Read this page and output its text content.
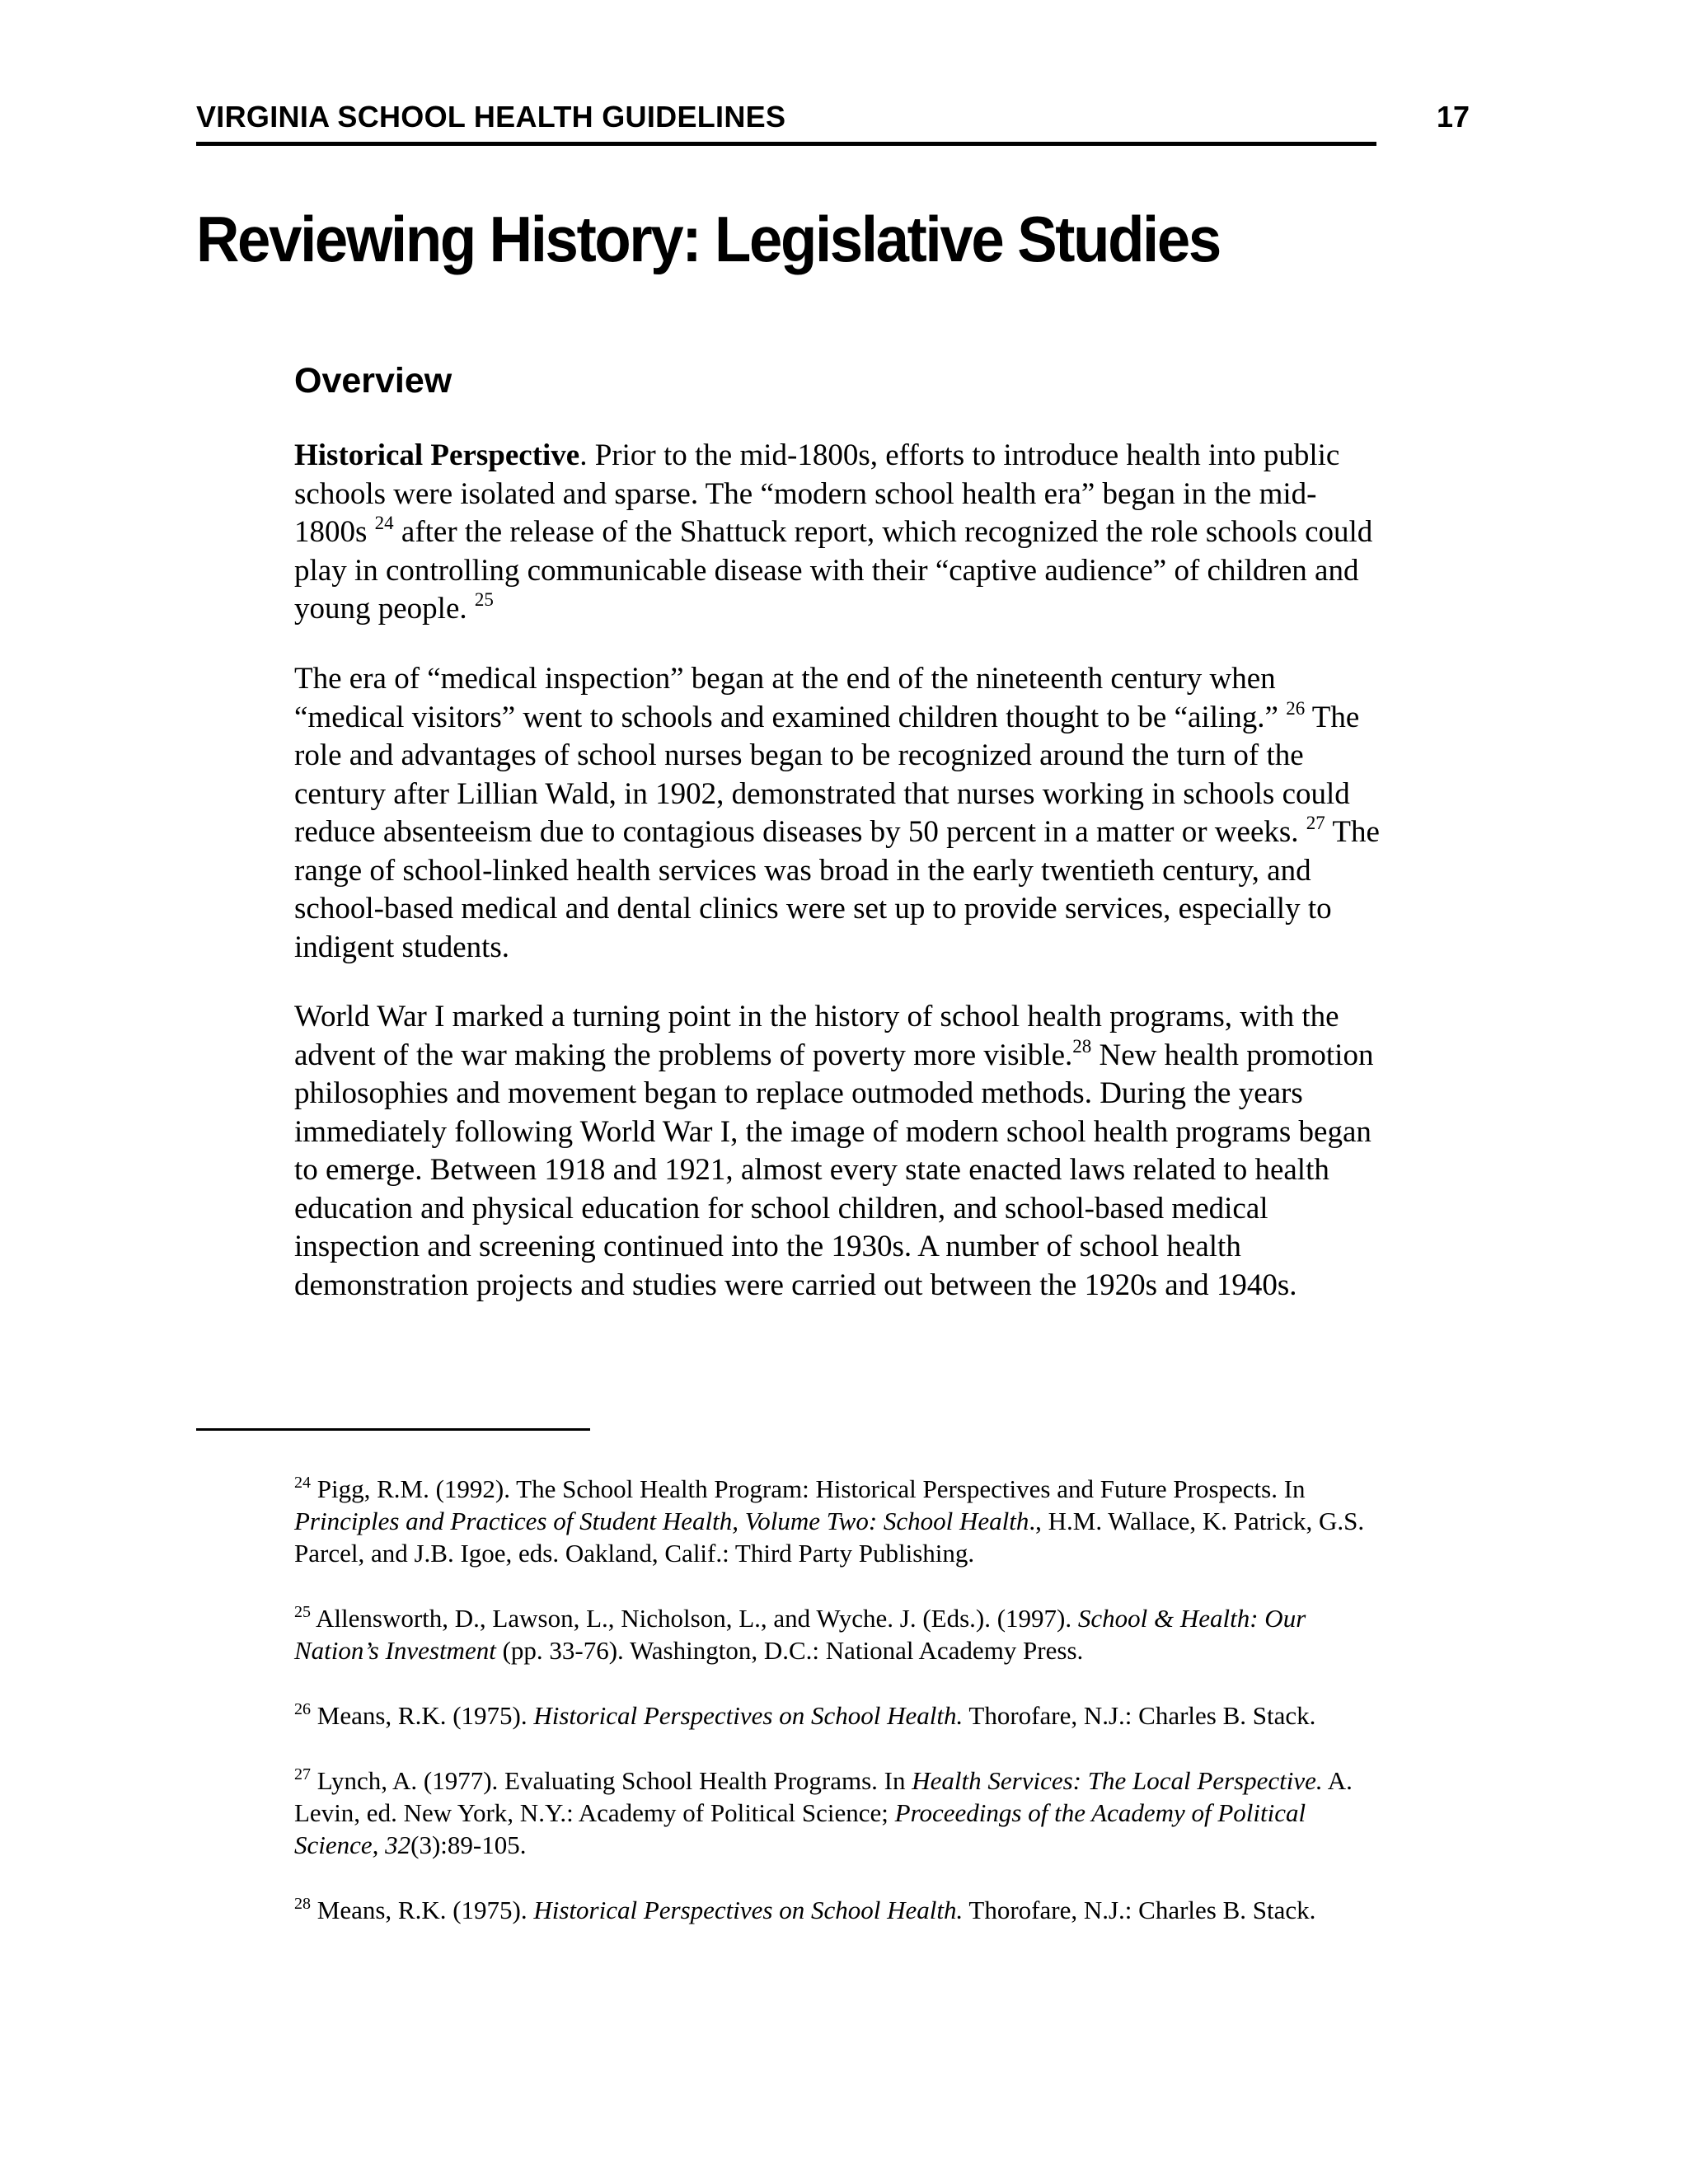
VIRGINIA SCHOOL HEALTH GUIDELINES	17
Reviewing History: Legislative Studies
Overview
Historical Perspective. Prior to the mid-1800s, efforts to introduce health into public
schools were isolated and sparse. The “modern school health era” began in the mid-
1800s $^{24}$ after the release of the Shattuck report, which recognized the role schools could
play in controlling communicable disease with their “captive audience” of children and
young people. $^{25}$
The era of “medical inspection” began at the end of the nineteenth century when
“medical visitors” went to schools and examined children thought to be “ailing.” $^{26}$ The
role and advantages of school nurses began to be recognized around the turn of the
century after Lillian Wald, in 1902, demonstrated that nurses working in schools could
reduce absenteeism due to contagious diseases by 50 percent in a matter or weeks. $^{27}$ The
range of school-linked health services was broad in the early twentieth century, and
school-based medical and dental clinics were set up to provide services, especially to
indigent students.
World War I marked a turning point in the history of school health programs, with the
advent of the war making the problems of poverty more visible.$^{28}$ New health promotion
philosophies and movement began to replace outmoded methods. During the years
immediately following World War I, the image of modern school health programs began
to emerge. Between 1918 and 1921, almost every state enacted laws related to health
education and physical education for school children, and school-based medical
inspection and screening continued into the 1930s. A number of school health
demonstration projects and studies were carried out between the 1920s and 1940s.
$^{24}$ Pigg, R.M. (1992). The School Health Program: Historical Perspectives and Future Prospects. In
Principles and Practices of Student Health, Volume Two: School Health., H.M. Wallace, K. Patrick, G.S.
Parcel, and J.B. Igoe, eds. Oakland, Calif.: Third Party Publishing.
$^{25}$ Allensworth, D., Lawson, L., Nicholson, L., and Wyche. J. (Eds.). (1997). School & Health: Our
Nation’s Investment (pp. 33-76). Washington, D.C.: National Academy Press.
$^{26}$ Means, R.K. (1975). Historical Perspectives on School Health. Thorofare, N.J.: Charles B. Stack.
$^{27}$ Lynch, A. (1977). Evaluating School Health Programs. In Health Services: The Local Perspective. A.
Levin, ed. New York, N.Y.: Academy of Political Science; Proceedings of the Academy of Political
Science, 32(3):89-105.
$^{28}$ Means, R.K. (1975). Historical Perspectives on School Health. Thorofare, N.J.: Charles B. Stack.
